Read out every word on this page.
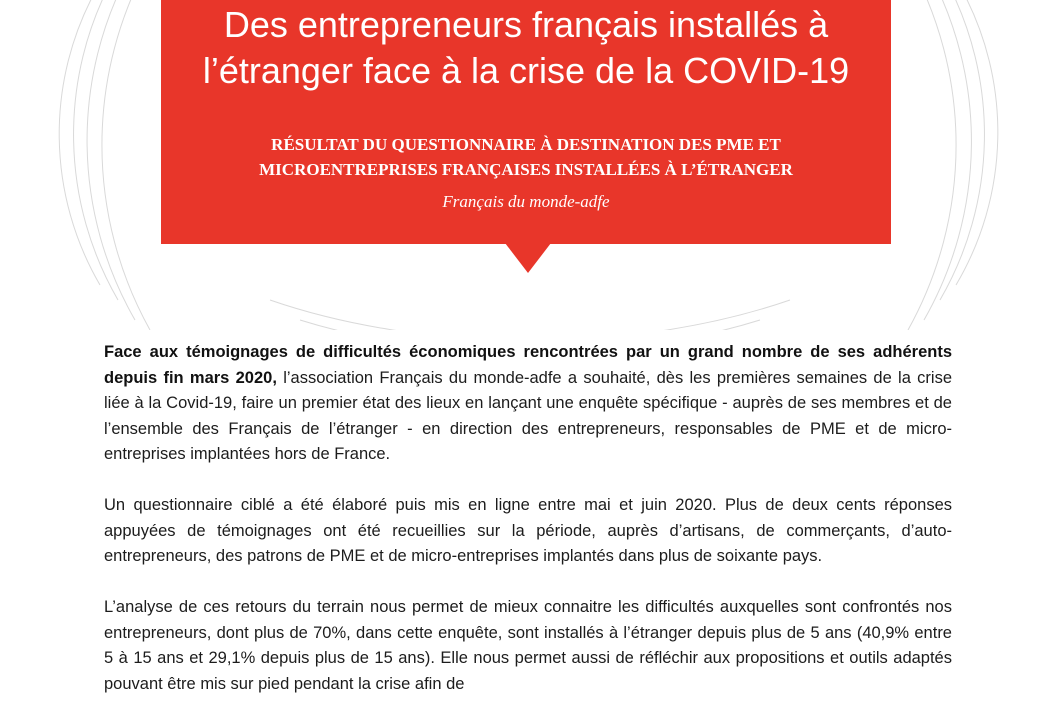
Des entrepreneurs français installés à
l’étranger face à la crise de la COVID-19
RÉSULTAT DU QUESTIONNAIRE À DESTINATION DES PME ET
MICROENTREPRISES FRANÇAISES INSTALLÉES À L’ÉTRANGER
Français du monde-adfe

Face aux témoignages de difficultés économiques rencontrées par un grand nombre de ses adhérents depuis fin mars 2020, l’association Français du monde-adfe a souhaité, dès les premières semaines de la crise liée à la Covid-19, faire un premier état des lieux en lançant une enquête spécifique - auprès de ses membres et de l’ensemble des Français de l’étranger - en direction des entrepreneurs, responsables de PME et de micro-entreprises implantées hors de France.

Un questionnaire ciblé a été élaboré puis mis en ligne entre mai et juin 2020. Plus de deux cents réponses appuyées de témoignages ont été recueillies sur la période, auprès d’artisans, de commerçants, d’auto-entrepreneurs, des patrons de PME et de micro-entreprises implantés dans plus de soixante pays.

L’analyse de ces retours du terrain nous permet de mieux connaitre les difficultés auxquelles sont confrontés nos entrepreneurs, dont plus de 70%, dans cette enquête, sont installés à l’étranger depuis plus de 5 ans (40,9% entre 5 à 15 ans et 29,1% depuis plus de 15 ans). Elle nous permet aussi de réfléchir aux propositions et outils adaptés pouvant être mis sur pied pendant la crise afin de
